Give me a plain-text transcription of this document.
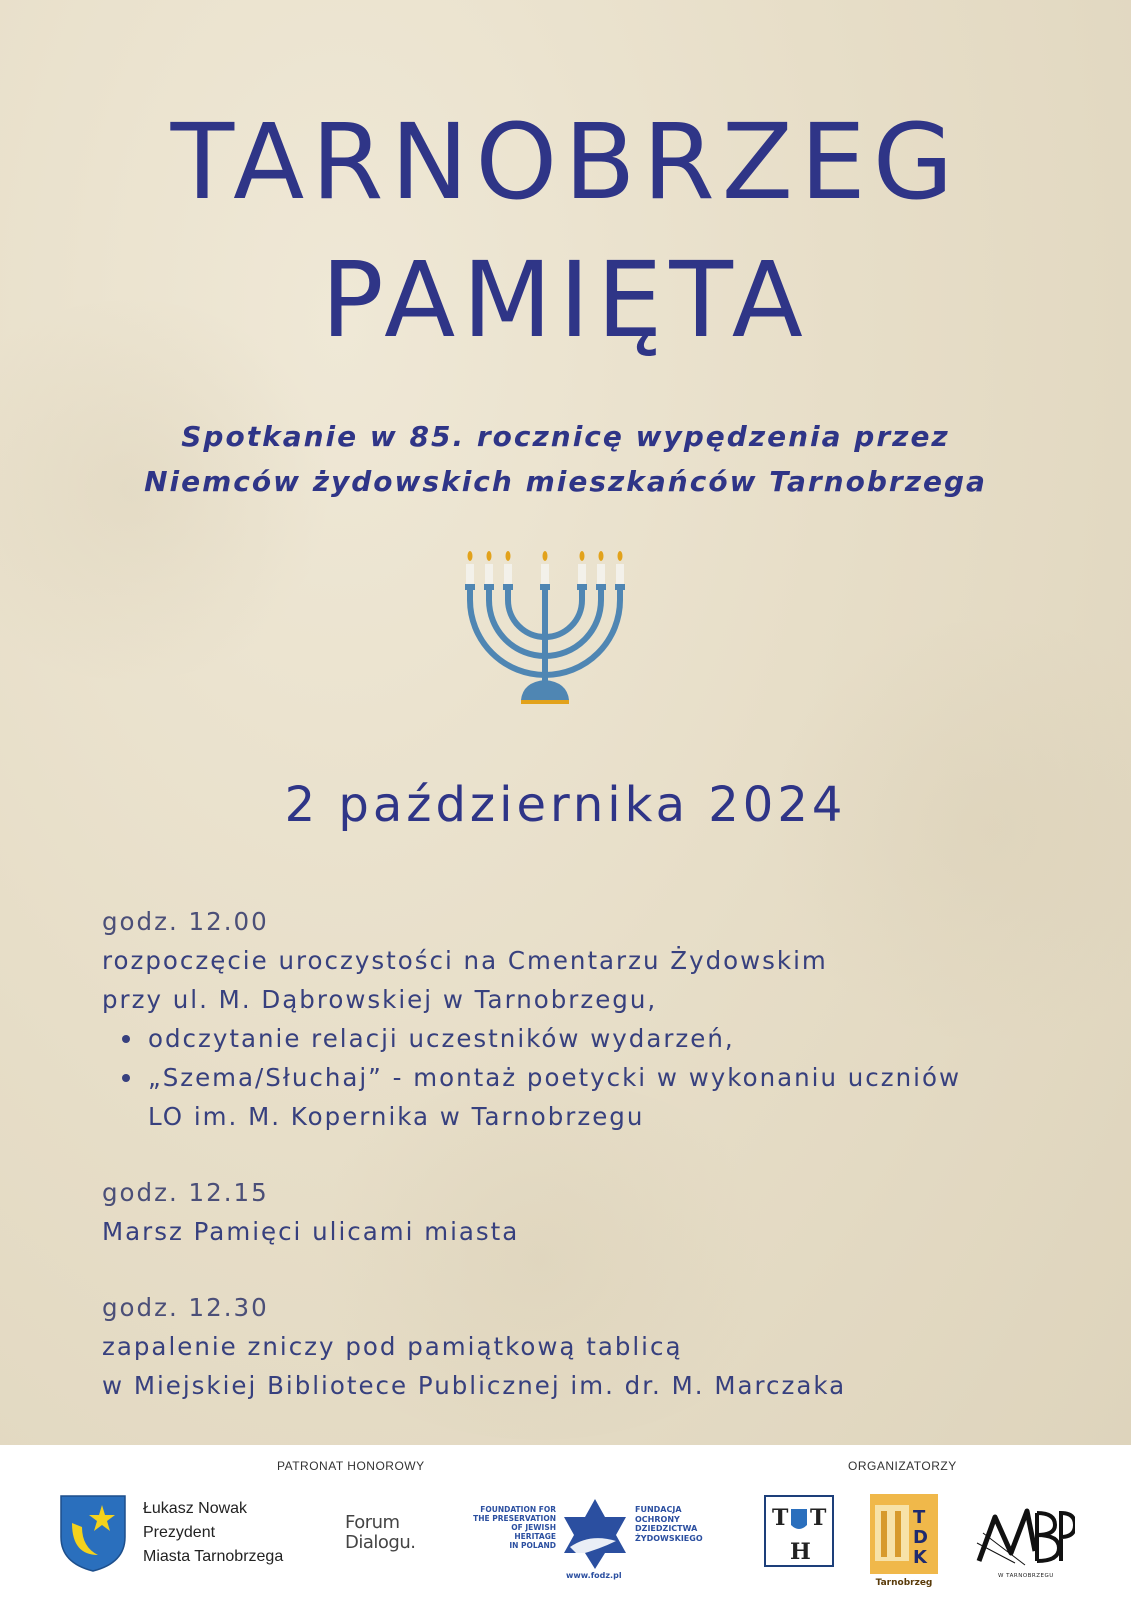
TARNOBRZEG
PAMIĘTA
Spotkanie w 85. rocznicę wypędzenia przez
Niemców żydowskich mieszkańców Tarnobrzega
2 października 2024
godz. 12.00
rozpoczęcie uroczystości na Cmentarzu Żydowskim
przy ul. M. Dąbrowskiej w Tarnobrzegu,
odczytanie relacji uczestników wydarzeń,
„Szema/Słuchaj” - montaż poetycki w wykonaniu uczniów
LO im. M. Kopernika w Tarnobrzegu
godz. 12.15
Marsz Pamięci ulicami miasta
godz. 12.30
zapalenie zniczy pod pamiątkową tablicą
w Miejskiej Bibliotece Publicznej im. dr. M. Marczaka
PATRONAT HONOROWY	ORGANIZATORZY
Łukasz Nowak
Prezydent
Miasta Tarnobrzega
Forum
Dialogu.
FOUNDATION FOR
THE PRESERVATION
OF JEWISH HERITAGE
IN POLAND
FUNDACJA
OCHRONY
DZIEDZICTWA
ŻYDOWSKIEGO
www.fodz.pl
T T
H
T
D
K
Tarnobrzeg
W TARNOBRZEGU
